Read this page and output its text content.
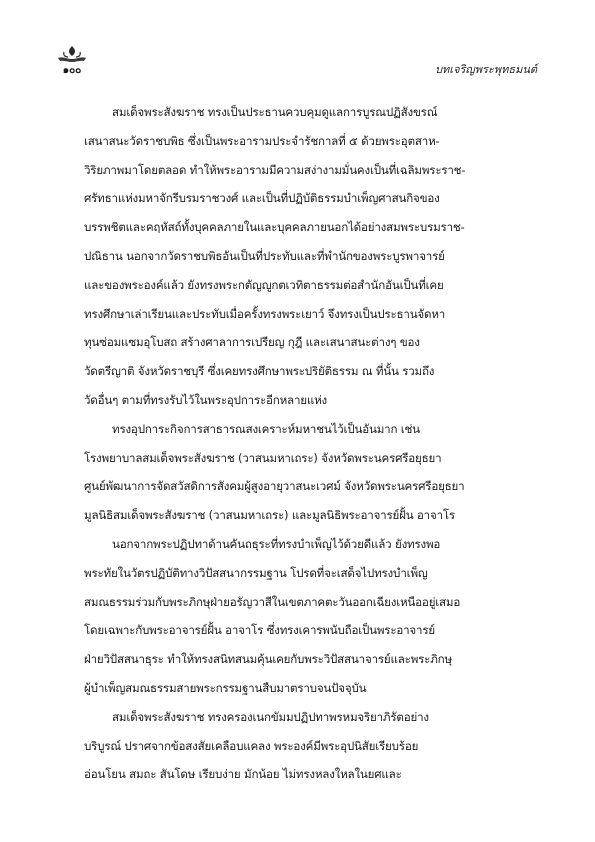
๑๐๐	บทเจริญพระพุทธมนต์
สมเด็จพระสังฆราช ทรงเป็นประธานควบคุมดูแลการบูรณปฏิสังขรณ์
เสนาสนะวัดราชบพิธ ซึ่งเป็นพระอารามประจำรัชกาลที่ ๕ ด้วยพระอุตสาห-
วิริยภาพมาโดยตลอด ทำให้พระอารามมีความสง่างามมั่นคงเป็นที่เฉลิมพระราช-
ศรัทธาแห่งมหาจักรีบรมราชวงศ์ และเป็นที่ปฏิบัติธรรมบำเพ็ญศาสนกิจของ
บรรพชิตและคฤหัสถ์ทั้งบุคคลภายในและบุคคลภายนอกได้อย่างสมพระบรมราช-
ปณิธาน นอกจากวัดราชบพิธอันเป็นที่ประทับและที่พำนักของพระบูรพาจารย์
และของพระองค์แล้ว ยังทรงพระกตัญญูกตเวทิตาธรรมต่อสำนักอันเป็นที่เคย
ทรงศึกษาเล่าเรียนและประทับเมื่อครั้งทรงพระเยาว์ จึงทรงเป็นประธานจัดหา
ทุนซ่อมแซมอุโบสถ สร้างศาลาการเปรียญ กุฎี และเสนาสนะต่างๆ ของ
วัดตรีญาติ จังหวัดราชบุรี ซึ่งเคยทรงศึกษาพระปริยัติธรรม ณ ที่นั้น รวมถึง
วัดอื่นๆ ตามที่ทรงรับไว้ในพระอุปการะอีกหลายแห่ง
ทรงอุปการะกิจการสาธารณสงเคราะห์มหาชนไว้เป็นอันมาก เช่น
โรงพยาบาลสมเด็จพระสังฆราช (วาสนมหาเถระ) จังหวัดพระนครศรีอยุธยา
ศูนย์พัฒนาการจัดสวัสดิการสังคมผู้สูงอายุวาสนะเวศม์ จังหวัดพระนครศรีอยุธยา
มูลนิธิสมเด็จพระสังฆราช (วาสนมหาเถระ) และมูลนิธิพระอาจารย์ฝั้น อาจาโร
นอกจากพระปฏิปทาด้านคันถธุระที่ทรงบำเพ็ญไว้ด้วยดีแล้ว ยังทรงพอ
พระทัยในวัตรปฏิบัติทางวิปัสสนากรรมฐาน โปรดที่จะเสด็จไปทรงบำเพ็ญ
สมณธรรมร่วมกับพระภิกษุฝ่ายอรัญวาสีในเขตภาคตะวันออกเฉียงเหนืออยู่เสมอ
โดยเฉพาะกับพระอาจารย์ฝั้น อาจาโร ซึ่งทรงเคารพนับถือเป็นพระอาจารย์
ฝ่ายวิปัสสนาธุระ ทำให้ทรงสนิทสนมคุ้นเคยกับพระวิปัสสนาจารย์และพระภิกษุ
ผู้บำเพ็ญสมณธรรมสายพระกรรมฐานสืบมาตราบจนปัจจุบัน
สมเด็จพระสังฆราช ทรงครองเนกขัมมปฏิปทาพรหมจริยาภิรัตอย่าง
บริบูรณ์ ปราศจากข้อสงสัยเคลือบแคลง พระองค์มีพระอุปนิสัยเรียบร้อย
อ่อนโยน สมถะ สันโดษ เรียบง่าย มักน้อย ไม่ทรงหลงใหลในยศและ
